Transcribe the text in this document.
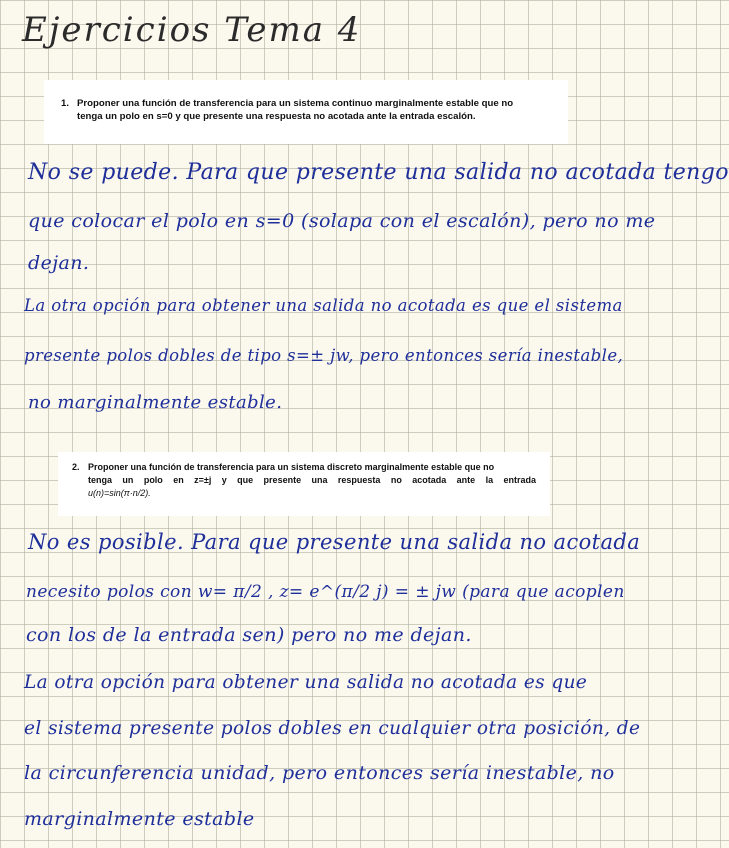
Ejercicios Tema 4
1. Proponer una función de transferencia para un sistema continuo marginalmente estable que no
tenga un polo en s=0 y que presente una respuesta no acotada ante la entrada escalón.
2. Proponer una función de transferencia para un sistema discreto marginalmente estable que no
tenga un polo en z=±j y que presente una respuesta no acotada ante la entrada
u(n)=sin(π·n/2).

No se puede. Para que presente una salida no acotada tengo

que colocar el polo en s=0 (solapa con el escalón), pero no me

dejan.

La otra opción para obtener una salida no acotada es que el sistema

presente polos dobles de tipo s=± jw, pero entonces sería inestable,

no marginalmente estable.

No es posible. Para que presente una salida no acotada

necesito polos con w= π/2 , z= e^(π/2 j) = ± jw (para que acoplen

con los de la entrada sen) pero no me dejan.

La otra opción para obtener una salida no acotada es que

el sistema presente polos dobles en cualquier otra posición, de

la circunferencia unidad, pero entonces sería inestable, no

marginalmente estable
